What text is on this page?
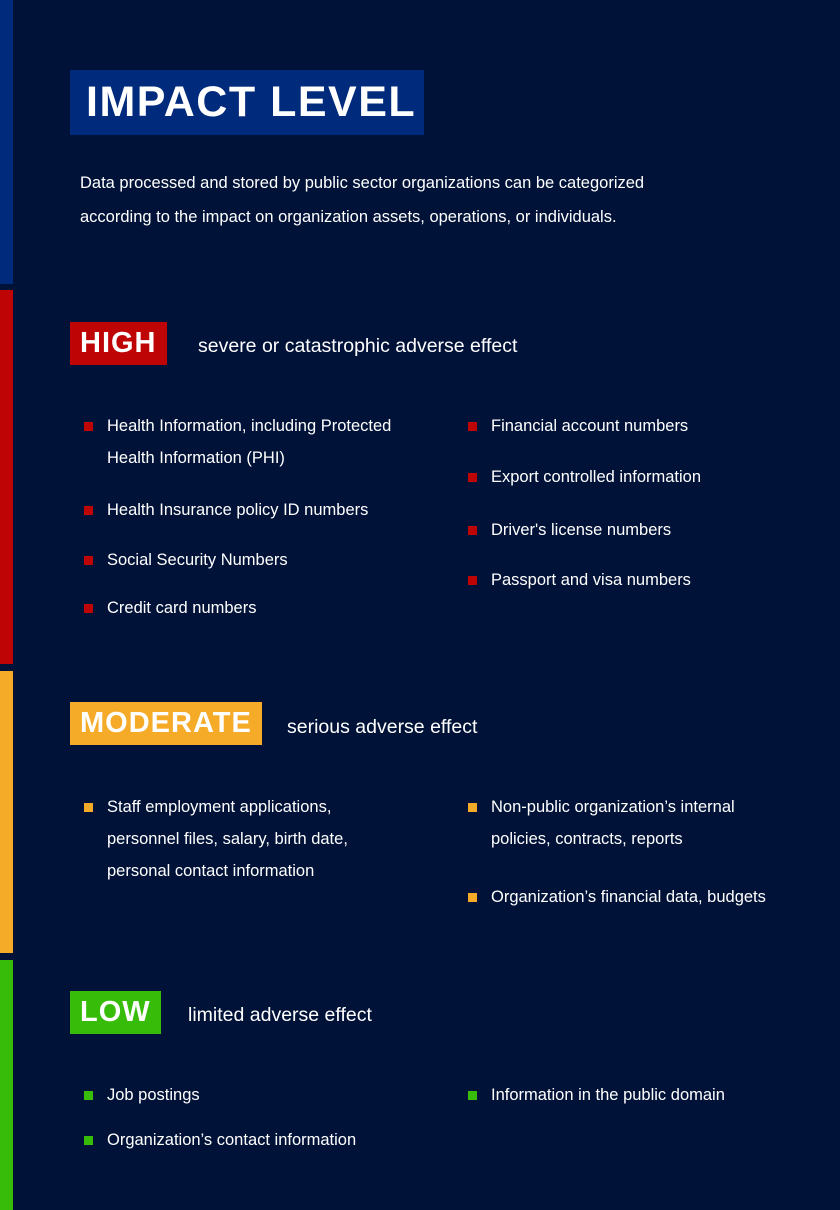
IMPACT LEVEL
Data processed and stored by public sector organizations can be categorized according to the impact on organization assets, operations, or individuals.
HIGH	severe or catastrophic adverse effect
Health Information, including Protected Health Information (PHI)
Health Insurance policy ID numbers
Social Security Numbers
Credit card numbers
Financial account numbers
Export controlled information
Driver's license numbers
Passport and visa numbers
MODERATE	serious adverse effect
Staff employment applications, personnel files, salary, birth date, personal contact information
Non-public organization’s internal policies, contracts, reports
Organization’s financial data, budgets
LOW	limited adverse effect
Job postings
Organization’s contact information
Information in the public domain
